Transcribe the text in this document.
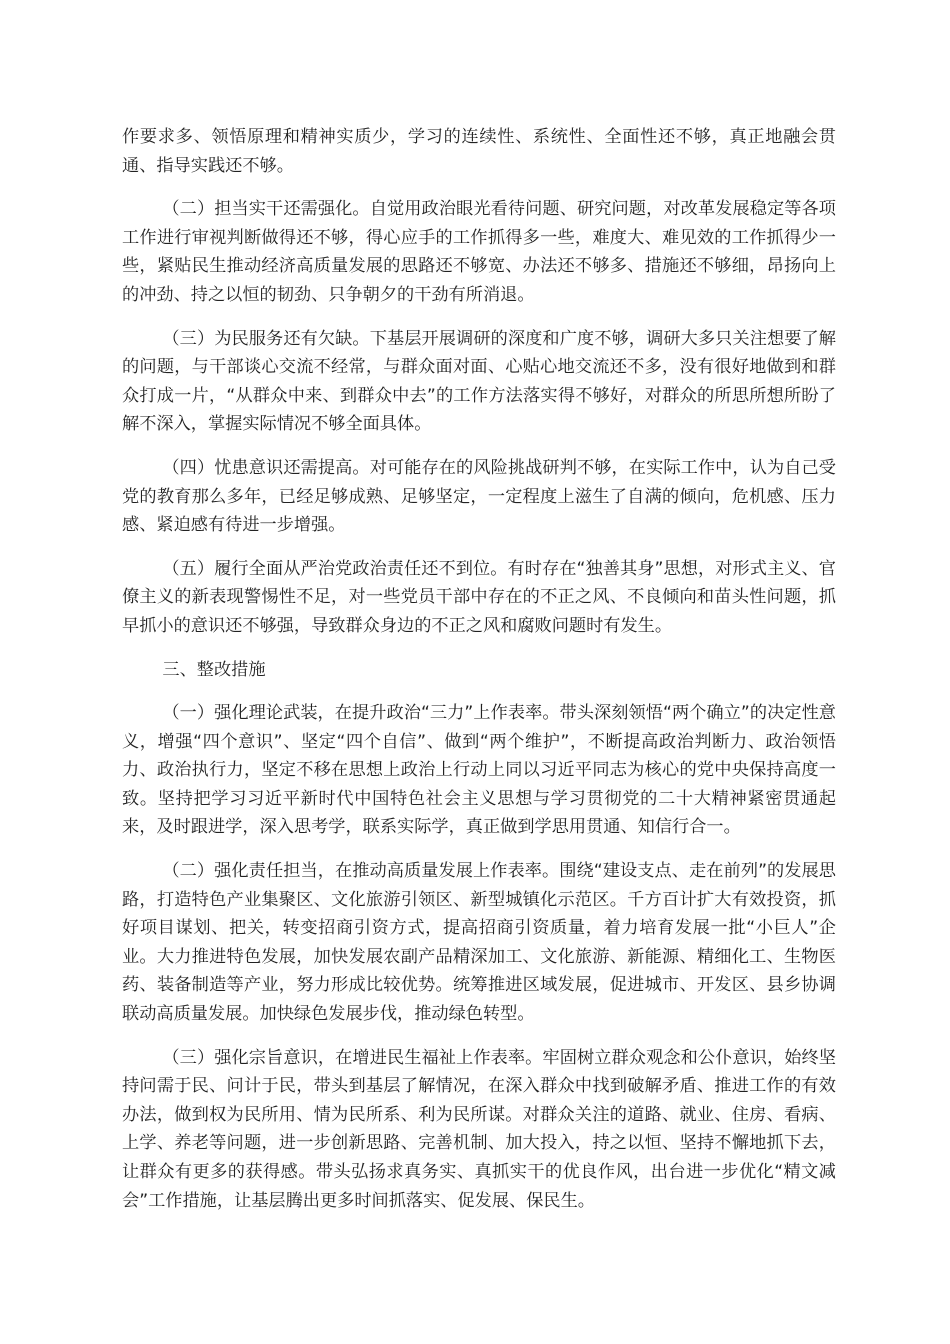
作要求多、领悟原理和精神实质少，学习的连续性、系统性、全面性还不够，真正地融会贯通、指导实践还不够。

（二）担当实干还需强化。自觉用政治眼光看待问题、研究问题，对改革发展稳定等各项工作进行审视判断做得还不够，得心应手的工作抓得多一些，难度大、难见效的工作抓得少一些，紧贴民生推动经济高质量发展的思路还不够宽、办法还不够多、措施还不够细，昂扬向上的冲劲、持之以恒的韧劲、只争朝夕的干劲有所消退。

（三）为民服务还有欠缺。下基层开展调研的深度和广度不够，调研大多只关注想要了解的问题，与干部谈心交流不经常，与群众面对面、心贴心地交流还不多，没有很好地做到和群众打成一片，“从群众中来、到群众中去”的工作方法落实得不够好，对群众的所思所想所盼了解不深入，掌握实际情况不够全面具体。

（四）忧患意识还需提高。对可能存在的风险挑战研判不够，在实际工作中，认为自己受党的教育那么多年，已经足够成熟、足够坚定，一定程度上滋生了自满的倾向，危机感、压力感、紧迫感有待进一步增强。

（五）履行全面从严治党政治责任还不到位。有时存在“独善其身”思想，对形式主义、官僚主义的新表现警惕性不足，对一些党员干部中存在的不正之风、不良倾向和苗头性问题，抓早抓小的意识还不够强，导致群众身边的不正之风和腐败问题时有发生。

三、整改措施

（一）强化理论武装，在提升政治“三力”上作表率。带头深刻领悟“两个确立”的决定性意义，增强“四个意识”、坚定“四个自信”、做到“两个维护”，不断提高政治判断力、政治领悟力、政治执行力，坚定不移在思想上政治上行动上同以习近平同志为核心的党中央保持高度一致。坚持把学习习近平新时代中国特色社会主义思想与学习贯彻党的二十大精神紧密贯通起来，及时跟进学，深入思考学，联系实际学，真正做到学思用贯通、知信行合一。

（二）强化责任担当，在推动高质量发展上作表率。围绕“建设支点、走在前列”的发展思路，打造特色产业集聚区、文化旅游引领区、新型城镇化示范区。千方百计扩大有效投资，抓好项目谋划、把关，转变招商引资方式，提高招商引资质量，着力培育发展一批“小巨人”企业。大力推进特色发展，加快发展农副产品精深加工、文化旅游、新能源、精细化工、生物医药、装备制造等产业，努力形成比较优势。统筹推进区域发展，促进城市、开发区、县乡协调联动高质量发展。加快绿色发展步伐，推动绿色转型。

（三）强化宗旨意识，在增进民生福祉上作表率。牢固树立群众观念和公仆意识，始终坚持问需于民、问计于民，带头到基层了解情况，在深入群众中找到破解矛盾、推进工作的有效办法，做到权为民所用、情为民所系、利为民所谋。对群众关注的道路、就业、住房、看病、上学、养老等问题，进一步创新思路、完善机制、加大投入，持之以恒、坚持不懈地抓下去，让群众有更多的获得感。带头弘扬求真务实、真抓实干的优良作风，出台进一步优化“精文减会”工作措施，让基层腾出更多时间抓落实、促发展、保民生。
